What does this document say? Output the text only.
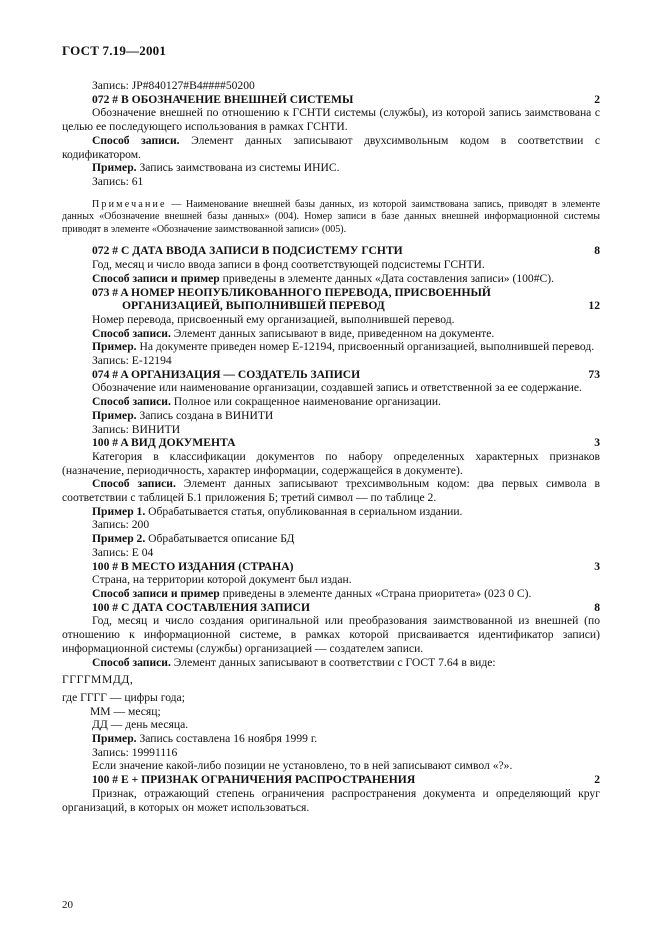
ГОСТ 7.19—2001

Запись: JP#840127#B4####50200

072 # B ОБОЗНАЧЕНИЕ ВНЕШНЕЙ СИСТЕМЫ	2

Обозначение внешней по отношению к ГСНТИ системы (службы), из которой запись заимствована с целью ее последующего использования в рамках ГСНТИ.

Способ записи. Элемент данных записывают двухсимвольным кодом в соответствии с кодификатором.

Пример. Запись заимствована из системы ИНИС.

Запись: 61

Примечание — Наименование внешней базы данных, из которой заимствована запись, приводят в элементе данных «Обозначение внешней базы данных» (004). Номер записи в базе данных внешней информационной системы приводят в элементе «Обозначение заимствованной записи» (005).

072 # C ДАТА ВВОДА ЗАПИСИ В ПОДСИСТЕМУ ГСНТИ	8

Год, месяц и число ввода записи в фонд соответствующей подсистемы ГСНТИ.

Способ записи и пример приведены в элементе данных «Дата составления записи» (100#C).

073 # A НОМЕР НЕОПУБЛИКОВАННОГО ПЕРЕВОДА, ПРИСВОЕННЫЙ
ОРГАНИЗАЦИЕЙ, ВЫПОЛНИВШЕЙ ПЕРЕВОД	12

Номер перевода, присвоенный ему организацией, выполнившей перевод.

Способ записи. Элемент данных записывают в виде, приведенном на документе.

Пример. На документе приведен номер Е-12194, присвоенный организацией, выполнившей перевод.

Запись: Е-12194

074 # A ОРГАНИЗАЦИЯ — СОЗДАТЕЛЬ ЗАПИСИ	73

Обозначение или наименование организации, создавшей запись и ответственной за ее содержание.

Способ записи. Полное или сокращенное наименование организации.

Пример. Запись создана в ВИНИТИ

Запись: ВИНИТИ

100 # A ВИД ДОКУМЕНТА	3

Категория в классификации документов по набору определенных характерных признаков (назначение, периодичность, характер информации, содержащейся в документе).

Способ записи. Элемент данных записывают трехсимвольным кодом: два первых символа в соответствии с таблицей Б.1 приложения Б; третий символ — по таблице 2.

Пример 1. Обрабатывается статья, опубликованная в сериальном издании.

Запись: 200

Пример 2. Обрабатывается описание БД

Запись: Е 04

100 # B МЕСТО ИЗДАНИЯ (СТРАНА)	3

Страна, на территории которой документ был издан.

Способ записи и пример приведены в элементе данных «Страна приоритета» (023 0 C).

100 # C ДАТА СОСТАВЛЕНИЯ ЗАПИСИ	8

Год, месяц и число создания оригинальной или преобразования заимствованной из внешней (по отношению к информационной системе, в рамках которой присваивается идентификатор записи) информационной системы (службы) организацией — создателем записи.

Способ записи. Элемент данных записывают в соответствии с ГОСТ 7.64 в виде:

ГГГГММДД,

где ГГГГ — цифры года;

ММ — месяц;

ДД — день месяца.

Пример. Запись составлена 16 ноября 1999 г.

Запись: 19991116

Если значение какой-либо позиции не установлено, то в ней записывают символ «?».

100 # E + ПРИЗНАК ОГРАНИЧЕНИЯ РАСПРОСТРАНЕНИЯ	2

Признак, отражающий степень ограничения распространения документа и определяющий круг организаций, в которых он может использоваться.

20
